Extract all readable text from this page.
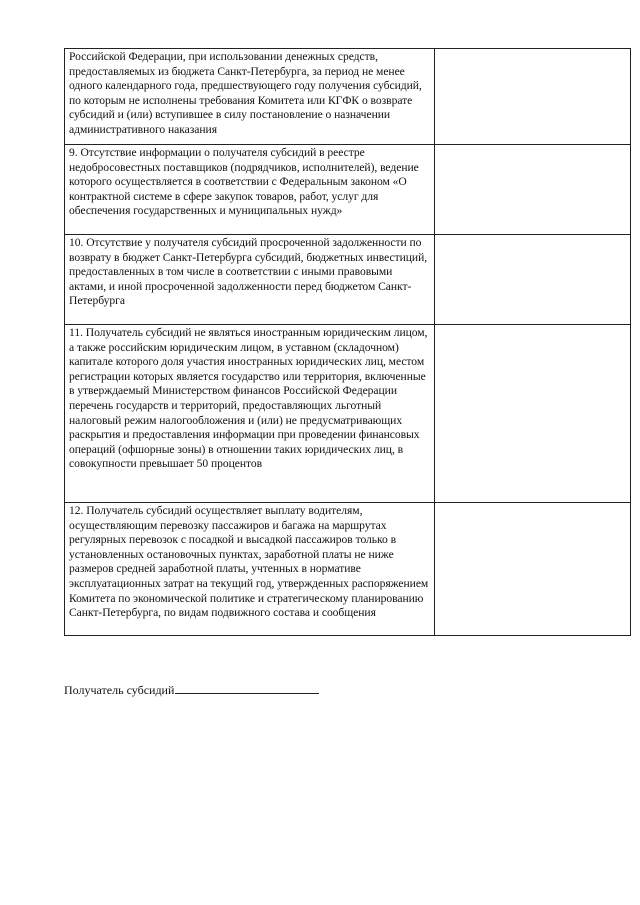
Российской Федерации, при использовании денежных средств, предоставляемых из бюджета Санкт-Петербурга, за период не менее одного календарного года, предшествующего году получения субсидий, по которым не исполнены требования Комитета или КГФК о возврате субсидий и (или) вступившее в силу постановление о назначении административного наказания	

9. Отсутствие информации о получателя субсидий в реестре недобросовестных поставщиков (подрядчиков, исполнителей), ведение которого осуществляется в соответствии с Федеральным законом «О контрактной системе в сфере закупок товаров, работ, услуг для обеспечения государственных и муниципальных нужд»	

10. Отсутствие у получателя субсидий просроченной задолженности по возврату в бюджет Санкт-Петербурга субсидий, бюджетных инвестиций, предоставленных в том числе в соответствии с иными правовыми актами, и иной просроченной задолженности перед бюджетом Санкт-Петербурга	

11. Получатель субсидий не являться иностранным юридическим лицом, а также российским юридическим лицом, в уставном (складочном) капитале которого доля участия иностранных юридических лиц, местом регистрации которых является государство или территория, включенные в утверждаемый Министерством финансов Российской Федерации перечень государств и территорий, предоставляющих льготный налоговый режим налогообложения и (или) не предусматривающих раскрытия и предоставления информации при проведении финансовых операций (офшорные зоны) в отношении таких юридических лиц, в совокупности превышает 50 процентов	

12. Получатель субсидий осуществляет выплату водителям, осуществляющим перевозку пассажиров и багажа на маршрутах регулярных перевозок с посадкой и высадкой пассажиров только в установленных остановочных пунктах, заработной платы не ниже размеров средней заработной платы, учтенных в нормативе эксплуатационных затрат на текущий год, утвержденных распоряжением Комитета по экономической политике и стратегическому планированию Санкт-Петербурга, по видам подвижного состава и сообщения	

Получатель субсидий
